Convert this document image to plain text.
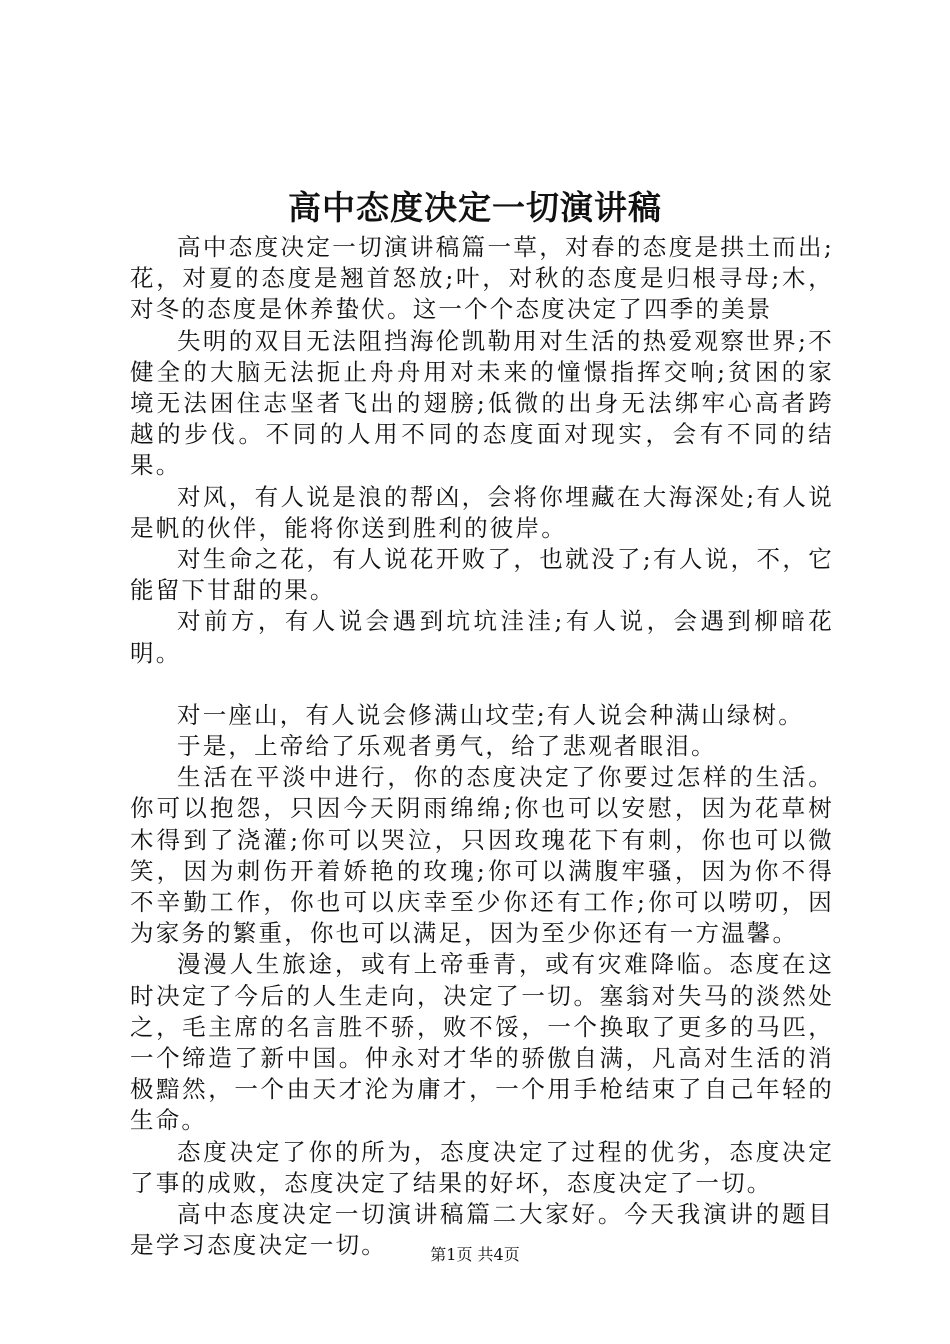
高中态度决定一切演讲稿

高中态度决定一切演讲稿篇一草，对春的态度是拱土而出;花，对夏的态度是翘首怒放;叶，对秋的态度是归根寻母;木，对冬的态度是休养蛰伏。这一个个态度决定了四季的美景

失明的双目无法阻挡海伦凯勒用对生活的热爱观察世界;不健全的大脑无法扼止舟舟用对未来的憧憬指挥交响;贫困的家境无法困住志坚者飞出的翅膀;低微的出身无法绑牢心高者跨越的步伐。不同的人用不同的态度面对现实，会有不同的结果。

对风，有人说是浪的帮凶，会将你埋藏在大海深处;有人说是帆的伙伴，能将你送到胜利的彼岸。

对生命之花，有人说花开败了，也就没了;有人说，不，它能留下甘甜的果。

对前方，有人说会遇到坑坑洼洼;有人说，会遇到柳暗花明。

对一座山，有人说会修满山坟茔;有人说会种满山绿树。

于是，上帝给了乐观者勇气，给了悲观者眼泪。

生活在平淡中进行，你的态度决定了你要过怎样的生活。你可以抱怨，只因今天阴雨绵绵;你也可以安慰，因为花草树木得到了浇灌;你可以哭泣，只因玫瑰花下有刺，你也可以微笑，因为刺伤开着娇艳的玫瑰;你可以满腹牢骚，因为你不得不辛勤工作，你也可以庆幸至少你还有工作;你可以唠叨，因为家务的繁重，你也可以满足，因为至少你还有一方温馨。

漫漫人生旅途，或有上帝垂青，或有灾难降临。态度在这时决定了今后的人生走向，决定了一切。塞翁对失马的淡然处之，毛主席的名言胜不骄，败不馁，一个换取了更多的马匹，一个缔造了新中国。仲永对才华的骄傲自满，凡高对生活的消极黯然，一个由天才沦为庸才，一个用手枪结束了自己年轻的生命。

态度决定了你的所为，态度决定了过程的优劣，态度决定了事的成败，态度决定了结果的好坏，态度决定了一切。

高中态度决定一切演讲稿篇二大家好。今天我演讲的题目是学习态度决定一切。	第1页 共4页
